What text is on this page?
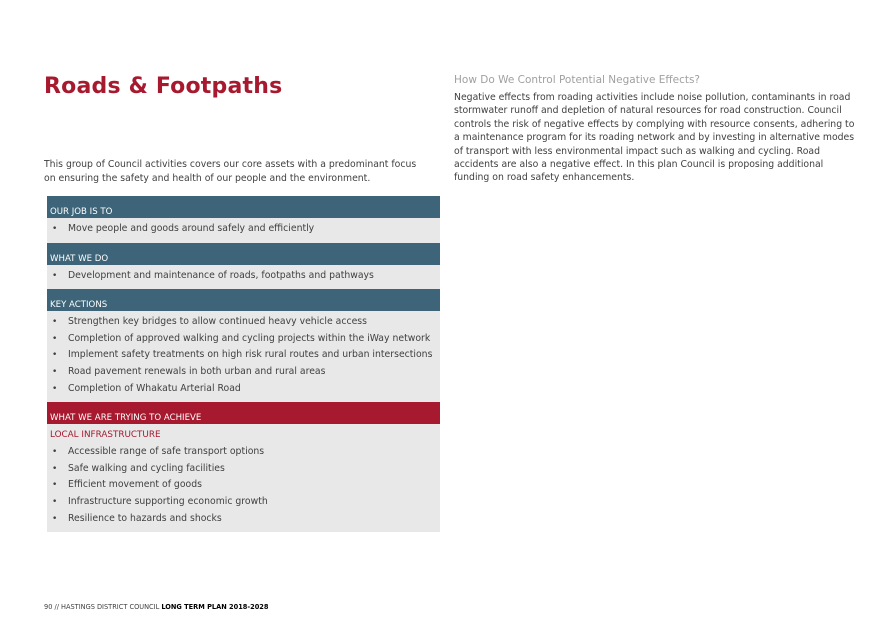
Roads & Footpaths
This group of Council activities covers our core assets with a predominant focus on ensuring the safety and health of our people and the environment.
OUR JOB IS TO
• Move people and goods around safely and efficiently
WHAT WE DO
• Development and maintenance of roads, footpaths and pathways
KEY ACTIONS
• Strengthen key bridges to allow continued heavy vehicle access
• Completion of approved walking and cycling projects within the iWay network
• Implement safety treatments on high risk rural routes and urban intersections
• Road pavement renewals in both urban and rural areas
• Completion of Whakatu Arterial Road
WHAT WE ARE TRYING TO ACHIEVE
LOCAL INFRASTRUCTURE
• Accessible range of safe transport options
• Safe walking and cycling facilities
• Efficient movement of goods
• Infrastructure supporting economic growth
• Resilience to hazards and shocks
How Do We Control Potential Negative Effects?
Negative effects from roading activities include noise pollution, contaminants in road stormwater runoff and depletion of natural resources for road construction. Council controls the risk of negative effects by complying with resource consents, adhering to a maintenance program for its roading network and by investing in alternative modes of transport with less environmental impact such as walking and cycling. Road accidents are also a negative effect. In this plan Council is proposing additional funding on road safety enhancements.
90 // HASTINGS DISTRICT COUNCIL LONG TERM PLAN 2018-2028
